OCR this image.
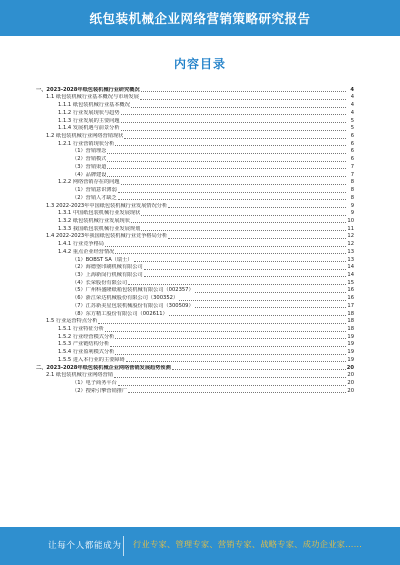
纸包装机械企业网络营销策略研究报告
内容目录
一、2023-2028年纸包装机械行业研究概况	4
1.1 纸包装机械行业基本概况与市场发展	4
1.1.1 纸包装机械行业基本概况	4
1.1.2 行业发展现状与趋势	4
1.1.3 行业发展的主要问题	5
1.1.4 发展机遇与前景分析	5
1.2 纸包装机械行业网络营销现状	6
1.2.1 行业营销现状分析	6
（1）营销理念	6
（2）营销模式	6
（3）营销渠道	7
（4）品牌建设	7
1.2.2 网络营销存在的问题	8
（1）营销意识薄弱	8
（2）营销人才缺乏	8
1.3 2022-2023年中国纸包装机械行业发展情况分析	9
1.3.1 中国纸包装机械行业发展现状	9
1.3.2 纸包装机械行业发展现状	10
1.3.3 我国纸包装机械行业发展规划	11
1.4 2022-2023年我国纸包装机械行业竞争格局分析	12
1.4.1 行业竞争格局	12
1.4.2 重点企业经营情况	13
（1）BOBST SA（瑞士）	13
（2）海德堡印刷机械有限公司	14
（3）上海新闵行机械有限公司	14
（4）长荣股份有限公司	15
（5）广州科盛隆纸箱包装机械有限公司（002357）	16
（6）浙江荣达机械股份有限公司（300352）	16
（7）江苏新美星包装机械股份有限公司（300509）	17
（8）东方精工股份有限公司（002611）	18
1.5 行业运营特点分析	18
1.5.1 行业特征分析	18
1.5.2 行业经营模式分析	19
1.5.3 产业链结构分析	19
1.5.4 行业盈利模式分析	19
1.5.5 进入本行业的主要障碍	19
二、2023-2028年纸包装机械企业网络营销发展趋势预测	20
2.1 纸包装机械行业网络营销	20
（1）电子商务平台	20
（2）搜索引擎营销推广	20
让每个人都能成为 行业专家、管理专家、营销专家、战略专家、成功企业家……
